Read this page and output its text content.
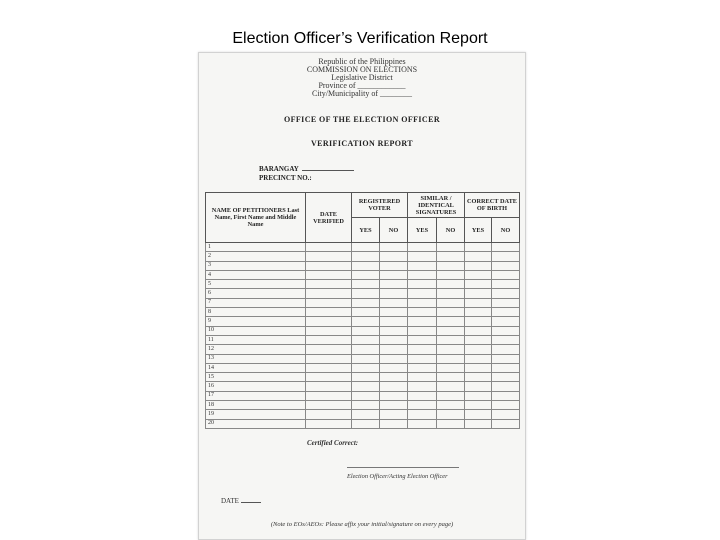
Election Officer’s Verification Report
Republic of the Philippines
COMMISSION ON ELECTIONS
Legislative District
Province of ____________
City/Municipality of ________
OFFICE OF THE ELECTION OFFICER
VERIFICATION REPORT
BARANGAY
PRECINCT NO.:
NAME OF PETITIONERS Last Name, First Name and Middle Name	DATE VERIFIED	REGISTERED VOTER		SIMILAR / IDENTICAL SIGNATURES		CORRECT DATE OF BIRTH	
		YES	NO	YES	NO	YES	NO
1							
2							
3							
4							
5							
6							
7							
8							
9							
10							
11							
12							
13							
14							
15							
16							
17							
18							
19							
20							
Certified Correct:
Election Officer/Acting Election Officer
DATE
(Note to EOs/AEOs: Please affix your initial/signature on every page)
